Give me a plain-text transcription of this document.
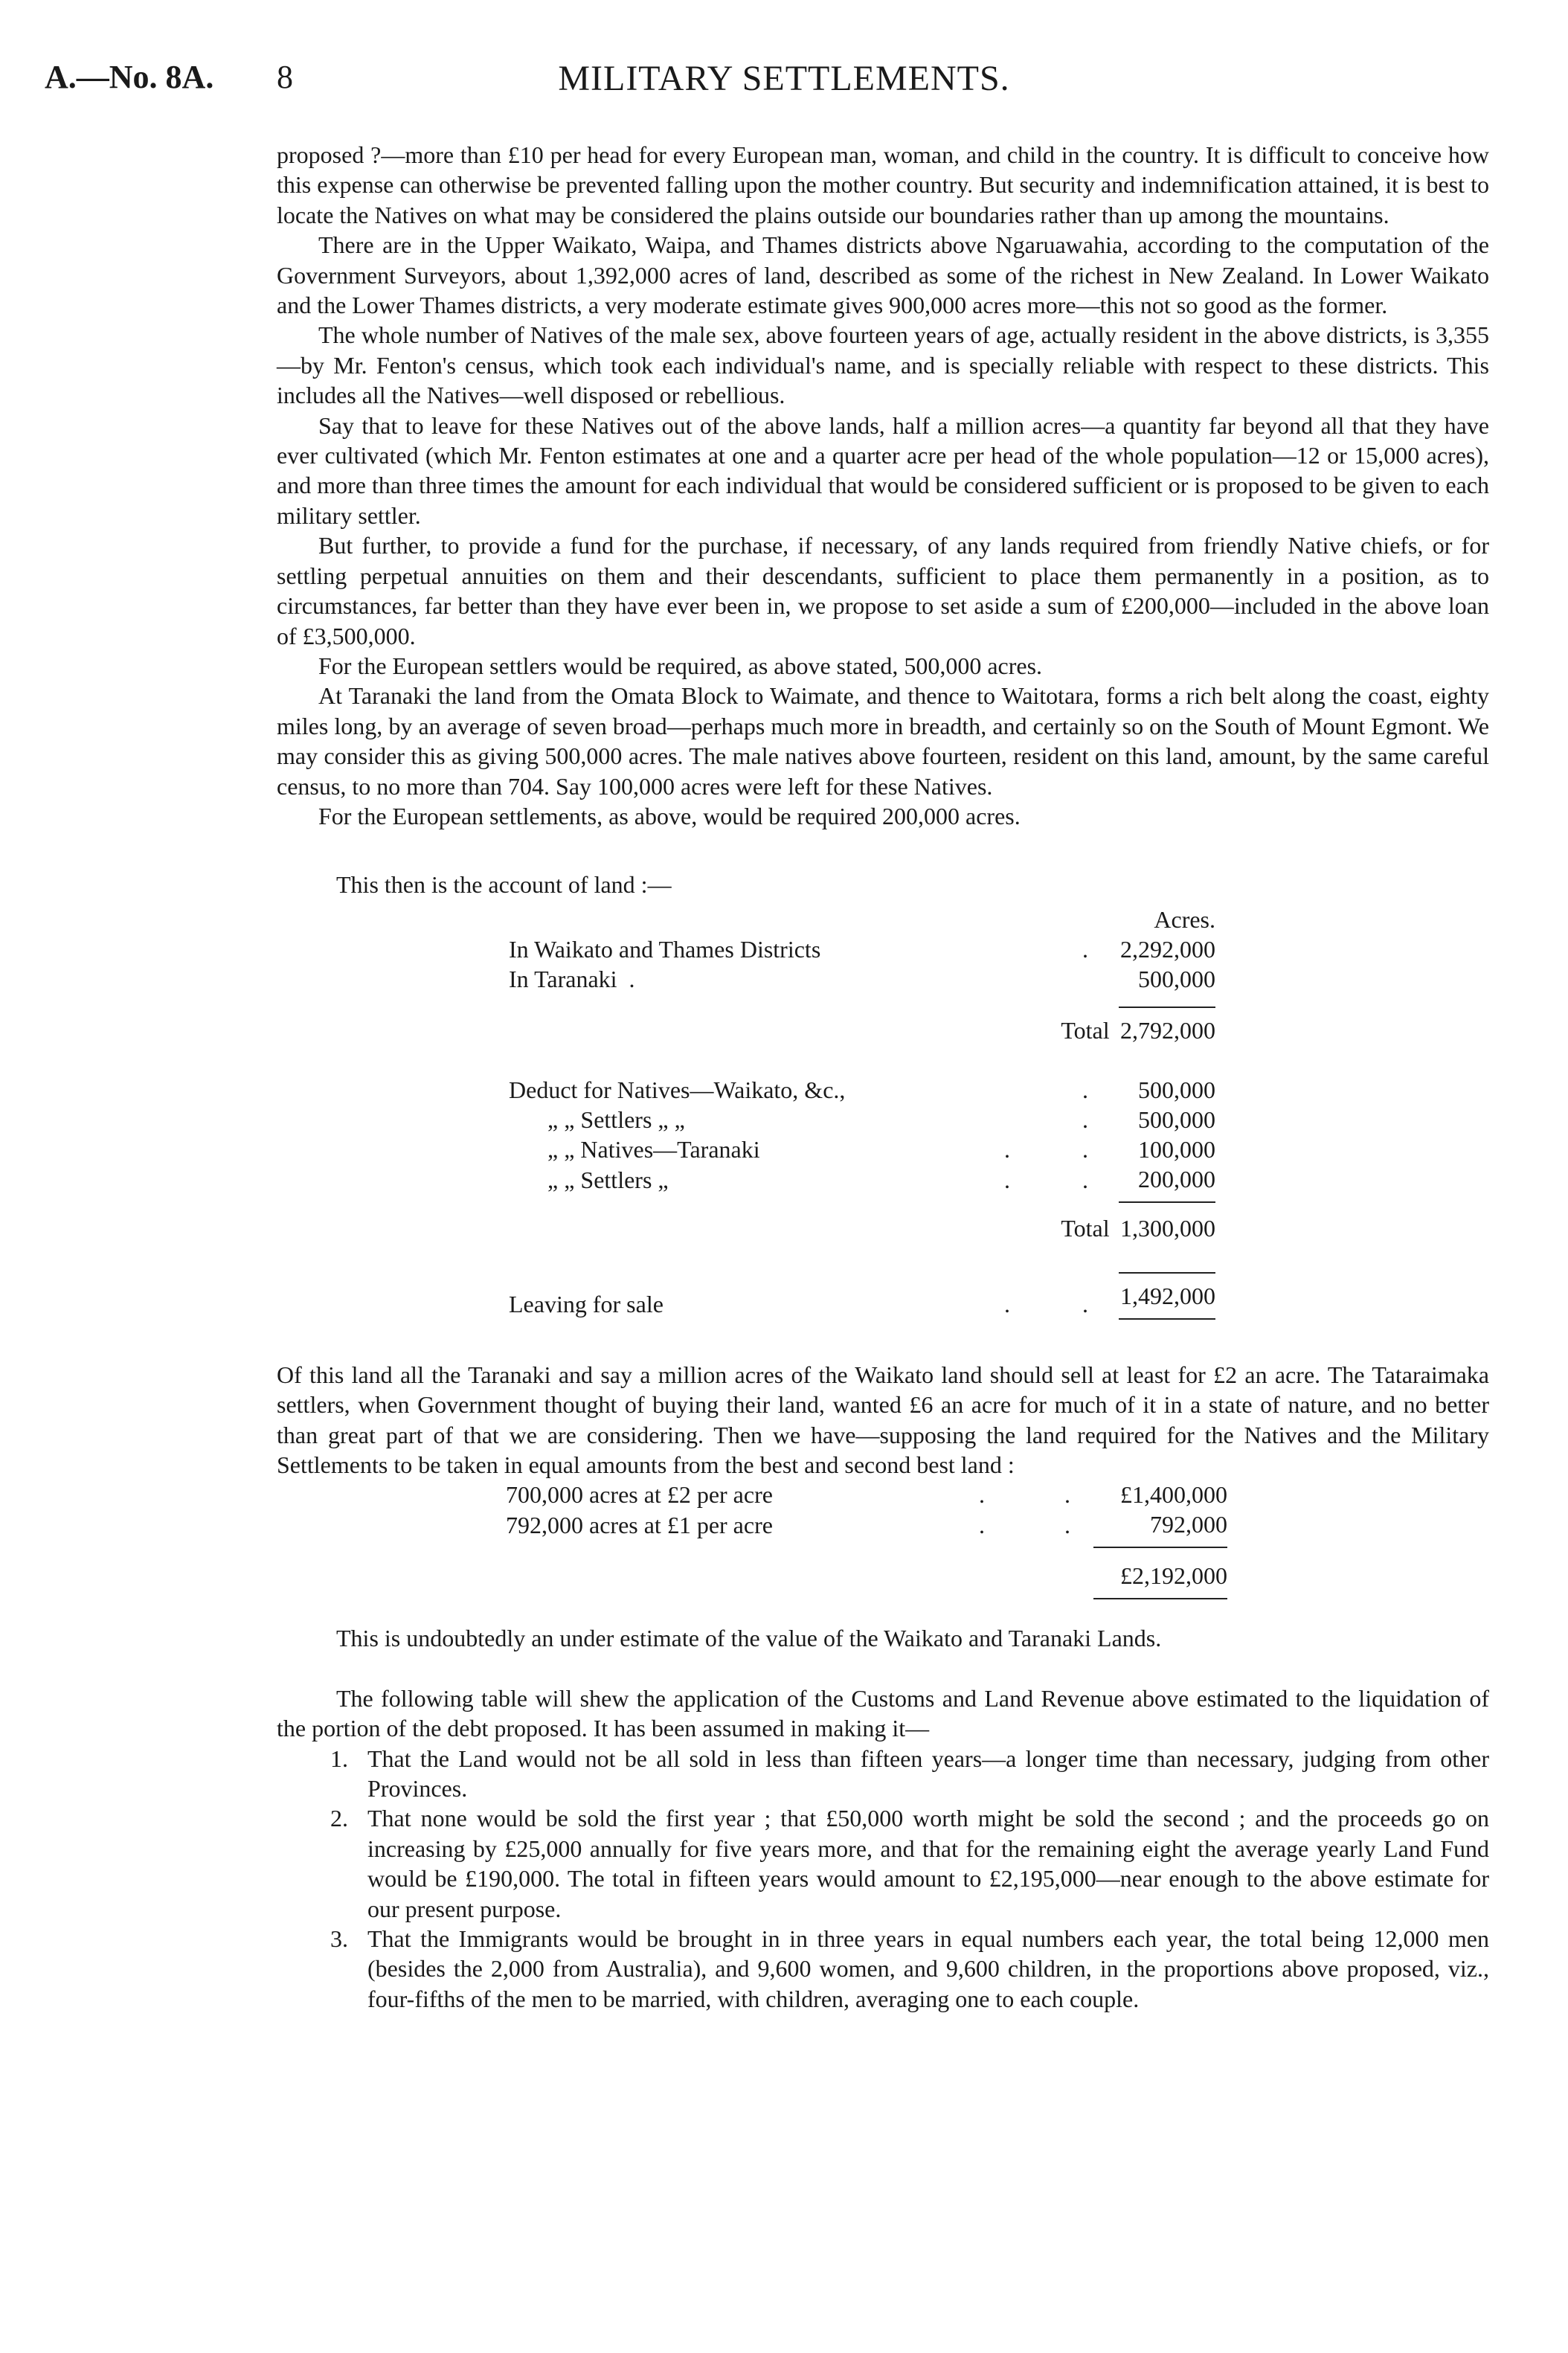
A.—No. 8A. 8	MILITARY SETTLEMENTS.

proposed ?—more than £10 per head for every European man, woman, and child in the country. It is difficult to conceive how this expense can otherwise be prevented falling upon the mother country. But security and indemnification attained, it is best to locate the Natives on what may be considered the plains outside our boundaries rather than up among the mountains.

There are in the Upper Waikato, Waipa, and Thames districts above Ngaruawahia, according to the computation of the Government Surveyors, about 1,392,000 acres of land, described as some of the richest in New Zealand. In Lower Waikato and the Lower Thames districts, a very moderate estimate gives 900,000 acres more—this not so good as the former.

The whole number of Natives of the male sex, above fourteen years of age, actually resident in the above districts, is 3,355—by Mr. Fenton's census, which took each individual's name, and is specially reliable with respect to these districts. This includes all the Natives—well disposed or rebellious.

Say that to leave for these Natives out of the above lands, half a million acres—a quantity far beyond all that they have ever cultivated (which Mr. Fenton estimates at one and a quarter acre per head of the whole population—12 or 15,000 acres), and more than three times the amount for each individual that would be considered sufficient or is proposed to be given to each military settler.

But further, to provide a fund for the purchase, if necessary, of any lands required from friendly Native chiefs, or for settling perpetual annuities on them and their descendants, sufficient to place them permanently in a position, as to circumstances, far better than they have ever been in, we propose to set aside a sum of £200,000—included in the above loan of £3,500,000.

For the European settlers would be required, as above stated, 500,000 acres.

At Taranaki the land from the Omata Block to Waimate, and thence to Waitotara, forms a rich belt along the coast, eighty miles long, by an average of seven broad—perhaps much more in breadth, and certainly so on the South of Mount Egmont. We may consider this as giving 500,000 acres. The male natives above fourteen, resident on this land, amount, by the same careful census, to no more than 704. Say 100,000 acres were left for these Natives.

For the European settlements, as above, would be required 200,000 acres.

This then is the account of land :—

			Acres.
In Waikato and Thames Districts		.	2,292,000
In Taranaki .			500,000

		Total	2,792,000

Deduct for Natives—Waikato, &c.,		.	500,000
„ „ Settlers „ „		.	500,000
„ „ Natives—Taranaki	.	.	100,000
„ „ Settlers „	.	.	200,000
		Total	1,300,000

Leaving for sale	.	.	1,492,000

Of this land all the Taranaki and say a million acres of the Waikato land should sell at least for £2 an acre. The Tataraimaka settlers, when Government thought of buying their land, wanted £6 an acre for much of it in a state of nature, and no better than great part of that we are considering. Then we have—supposing the land required for the Natives and the Military Settlements to be taken in equal amounts from the best and second best land :

700,000 acres at £2 per acre	.	.	£1,400,000
792,000 acres at £1 per acre	.	.	792,000

			£2,192,000

This is undoubtedly an under estimate of the value of the Waikato and Taranaki Lands.

The following table will shew the application of the Customs and Land Revenue above estimated to the liquidation of the portion of the debt proposed. It has been assumed in making it—

1. That the Land would not be all sold in less than fifteen years—a longer time than necessary, judging from other Provinces.
2. That none would be sold the first year ; that £50,000 worth might be sold the second ; and the proceeds go on increasing by £25,000 annually for five years more, and that for the remaining eight the average yearly Land Fund would be £190,000. The total in fifteen years would amount to £2,195,000—near enough to the above estimate for our present purpose.
3. That the Immigrants would be brought in in three years in equal numbers each year, the total being 12,000 men (besides the 2,000 from Australia), and 9,600 women, and 9,600 children, in the proportions above proposed, viz., four-fifths of the men to be married, with children, averaging one to each couple.
